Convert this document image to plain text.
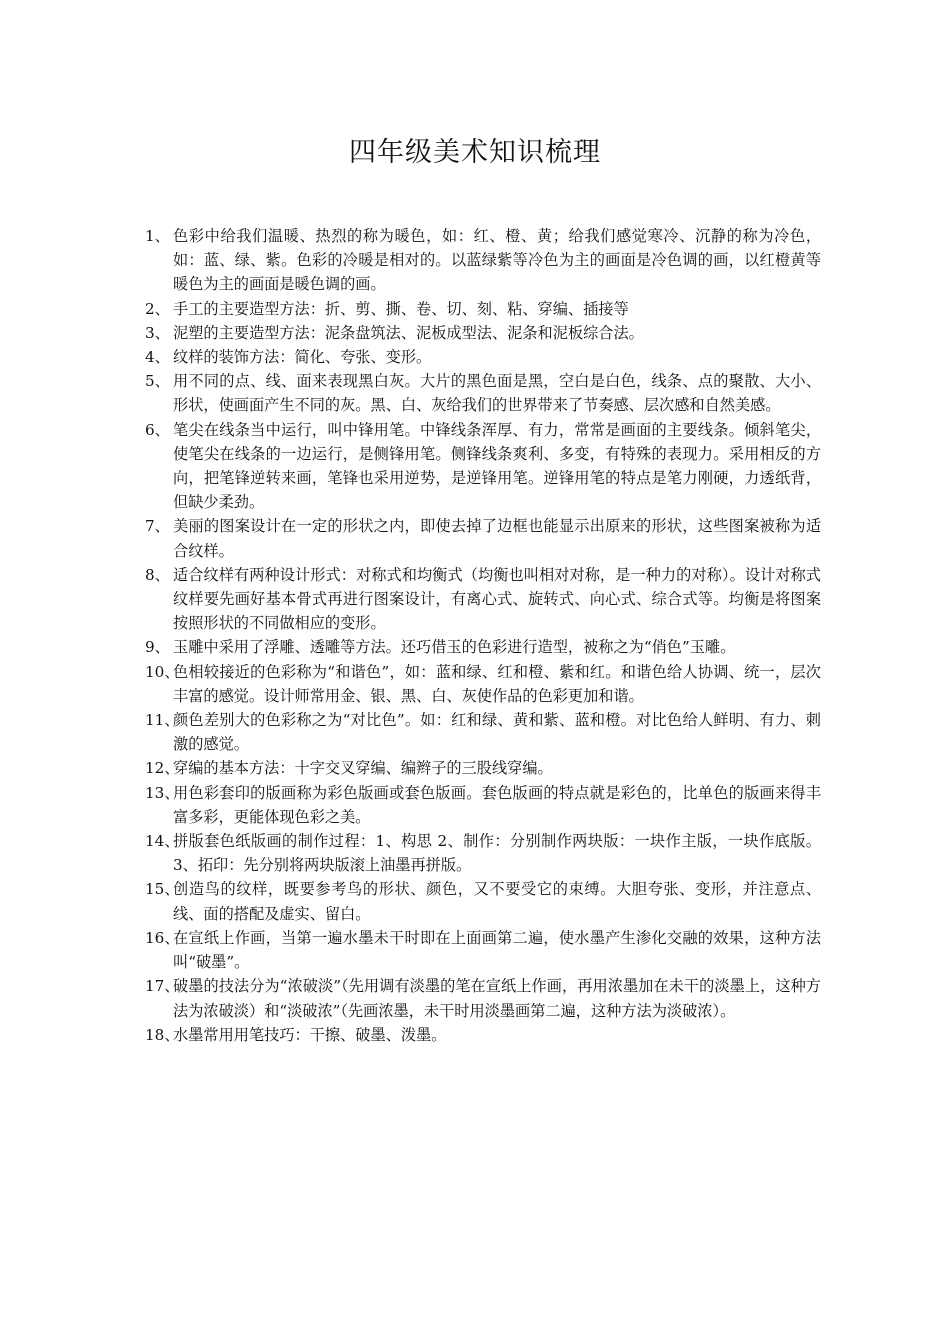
四年级美术知识梳理
1、 色彩中给我们温暖、热烈的称为暖色，如：红、橙、黄；给我们感觉寒冷、沉静的称为冷色，如：蓝、绿、紫。色彩的冷暖是相对的。以蓝绿紫等冷色为主的画面是冷色调的画，以红橙黄等暖色为主的画面是暖色调的画。
2、 手工的主要造型方法：折、剪、撕、卷、切、刻、粘、穿编、插接等
3、 泥塑的主要造型方法：泥条盘筑法、泥板成型法、泥条和泥板综合法。
4、 纹样的装饰方法：简化、夸张、变形。
5、 用不同的点、线、面来表现黑白灰。大片的黑色面是黑，空白是白色，线条、点的聚散、大小、形状，使画面产生不同的灰。黑、白、灰给我们的世界带来了节奏感、层次感和自然美感。
6、 笔尖在线条当中运行，叫中锋用笔。中锋线条浑厚、有力，常常是画面的主要线条。倾斜笔尖，使笔尖在线条的一边运行，是侧锋用笔。侧锋线条爽利、多变，有特殊的表现力。采用相反的方向，把笔锋逆转来画，笔锋也采用逆势，是逆锋用笔。逆锋用笔的特点是笔力刚硬，力透纸背，但缺少柔劲。
7、 美丽的图案设计在一定的形状之内，即使去掉了边框也能显示出原来的形状，这些图案被称为适合纹样。
8、 适合纹样有两种设计形式：对称式和均衡式（均衡也叫相对对称，是一种力的对称）。设计对称式纹样要先画好基本骨式再进行图案设计，有离心式、旋转式、向心式、综合式等。均衡是将图案按照形状的不同做相应的变形。
9、 玉雕中采用了浮雕、透雕等方法。还巧借玉的色彩进行造型，被称之为“俏色”玉雕。
10、
色相较接近的色彩称为“和谐色”，如：蓝和绿、红和橙、紫和红。和谐色给人协调、统一，层次丰富的感觉。设计师常用金、银、黑、白、灰使作品的色彩更加和谐。
11、
颜色差别大的色彩称之为“对比色”。如：红和绿、黄和紫、蓝和橙。对比色给人鲜明、有力、刺激的感觉。
12、
穿编的基本方法：十字交叉穿编、编辫子的三股线穿编。
13、
用色彩套印的版画称为彩色版画或套色版画。套色版画的特点就是彩色的，比单色的版画来得丰富多彩，更能体现色彩之美。
14、
拼版套色纸版画的制作过程：1、构思 2、制作：分别制作两块版：一块作主版，一块作底版。3、拓印：先分别将两块版滚上油墨再拼版。
15、
创造鸟的纹样，既要参考鸟的形状、颜色，又不要受它的束缚。大胆夸张、变形，并注意点、线、面的搭配及虚实、留白。
16、
在宣纸上作画，当第一遍水墨未干时即在上面画第二遍，使水墨产生渗化交融的效果，这种方法叫“破墨”。
17、
破墨的技法分为“浓破淡”（先用调有淡墨的笔在宣纸上作画，再用浓墨加在未干的淡墨上，这种方法为浓破淡）和“淡破浓”（先画浓墨，未干时用淡墨画第二遍，这种方法为淡破浓）。
18、
水墨常用用笔技巧：干擦、破墨、泼墨。
